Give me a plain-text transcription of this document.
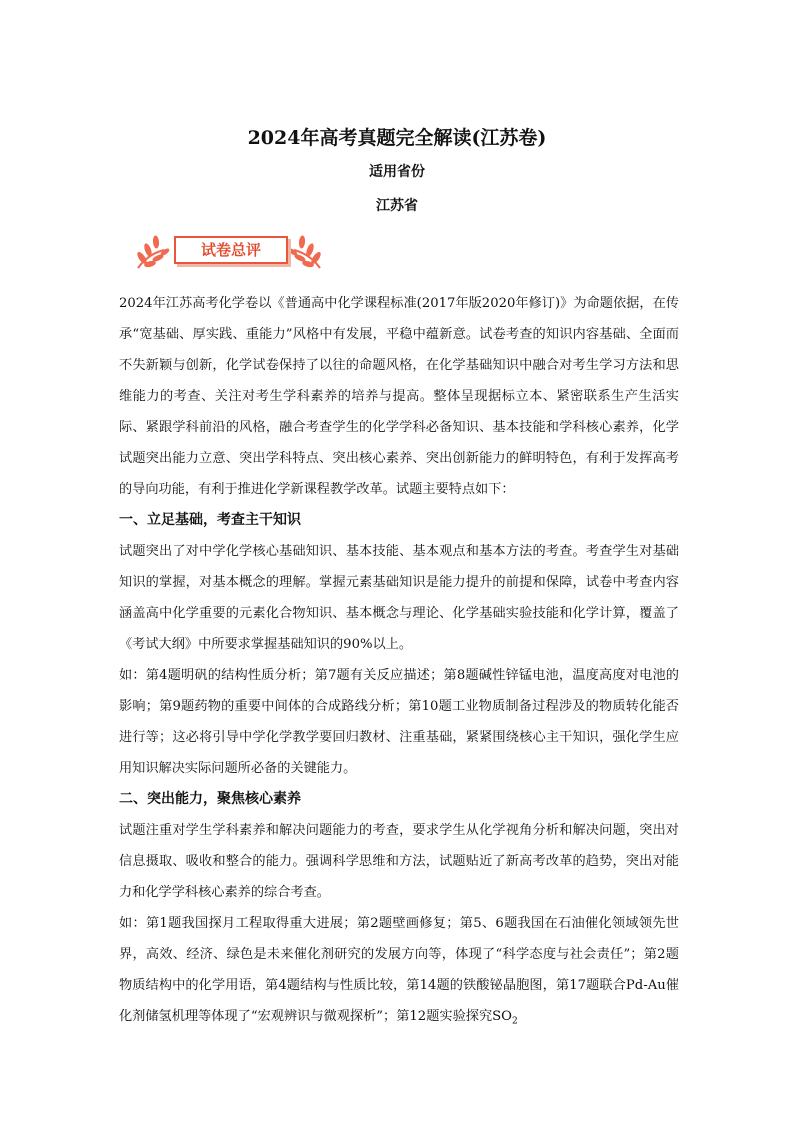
2024年高考真题完全解读(江苏卷)
适用省份
江苏省
试卷总评

2024年江苏高考化学卷以《普通高中化学课程标准(2017年版2020年修订)》为命题依据，在传承“宽基础、厚实践、重能力”风格中有发展，平稳中蕴新意。试卷考查的知识内容基础、全面而不失新颖与创新，化学试卷保持了以往的命题风格，在化学基础知识中融合对考生学习方法和思维能力的考查、关注对考生学科素养的培养与提高。整体呈现据标立本、紧密联系生产生活实际、紧跟学科前沿的风格，融合考查学生的化学学科必备知识、基本技能和学科核心素养，化学试题突出能力立意、突出学科特点、突出核心素养、突出创新能力的鲜明特色，有利于发挥高考的导向功能，有利于推进化学新课程教学改革。试题主要特点如下：

一、立足基础，考查主干知识

试题突出了对中学化学核心基础知识、基本技能、基本观点和基本方法的考查。考查学生对基础知识的掌握，对基本概念的理解。掌握元素基础知识是能力提升的前提和保障，试卷中考查内容涵盖高中化学重要的元素化合物知识、基本概念与理论、化学基础实验技能和化学计算，覆盖了《考试大纲》中所要求掌握基础知识的90%以上。

如：第4题明矾的结构性质分析；第7题有关反应描述；第8题碱性锌锰电池，温度高度对电池的影响；第9题药物的重要中间体的合成路线分析；第10题工业物质制备过程涉及的物质转化能否进行等；这必将引导中学化学教学要回归教材、注重基础，紧紧围绕核心主干知识，强化学生应用知识解决实际问题所必备的关键能力。

二、突出能力，聚焦核心素养

试题注重对学生学科素养和解决问题能力的考查，要求学生从化学视角分析和解决问题，突出对信息摄取、吸收和整合的能力。强调科学思维和方法，试题贴近了新高考改革的趋势，突出对能力和化学学科核心素养的综合考查。

如：第1题我国探月工程取得重大进展；第2题壁画修复；第5、6题我国在石油催化领域领先世界，高效、经济、绿色是未来催化剂研究的发展方向等，体现了“科学态度与社会责任”；第2题物质结构中的化学用语，第4题结构与性质比较，第14题的铁酸铋晶胞图，第17题联合Pd-Au催化剂储氢机理等体现了“宏观辨识与微观探析”；第12题实验探究$SO_2$
